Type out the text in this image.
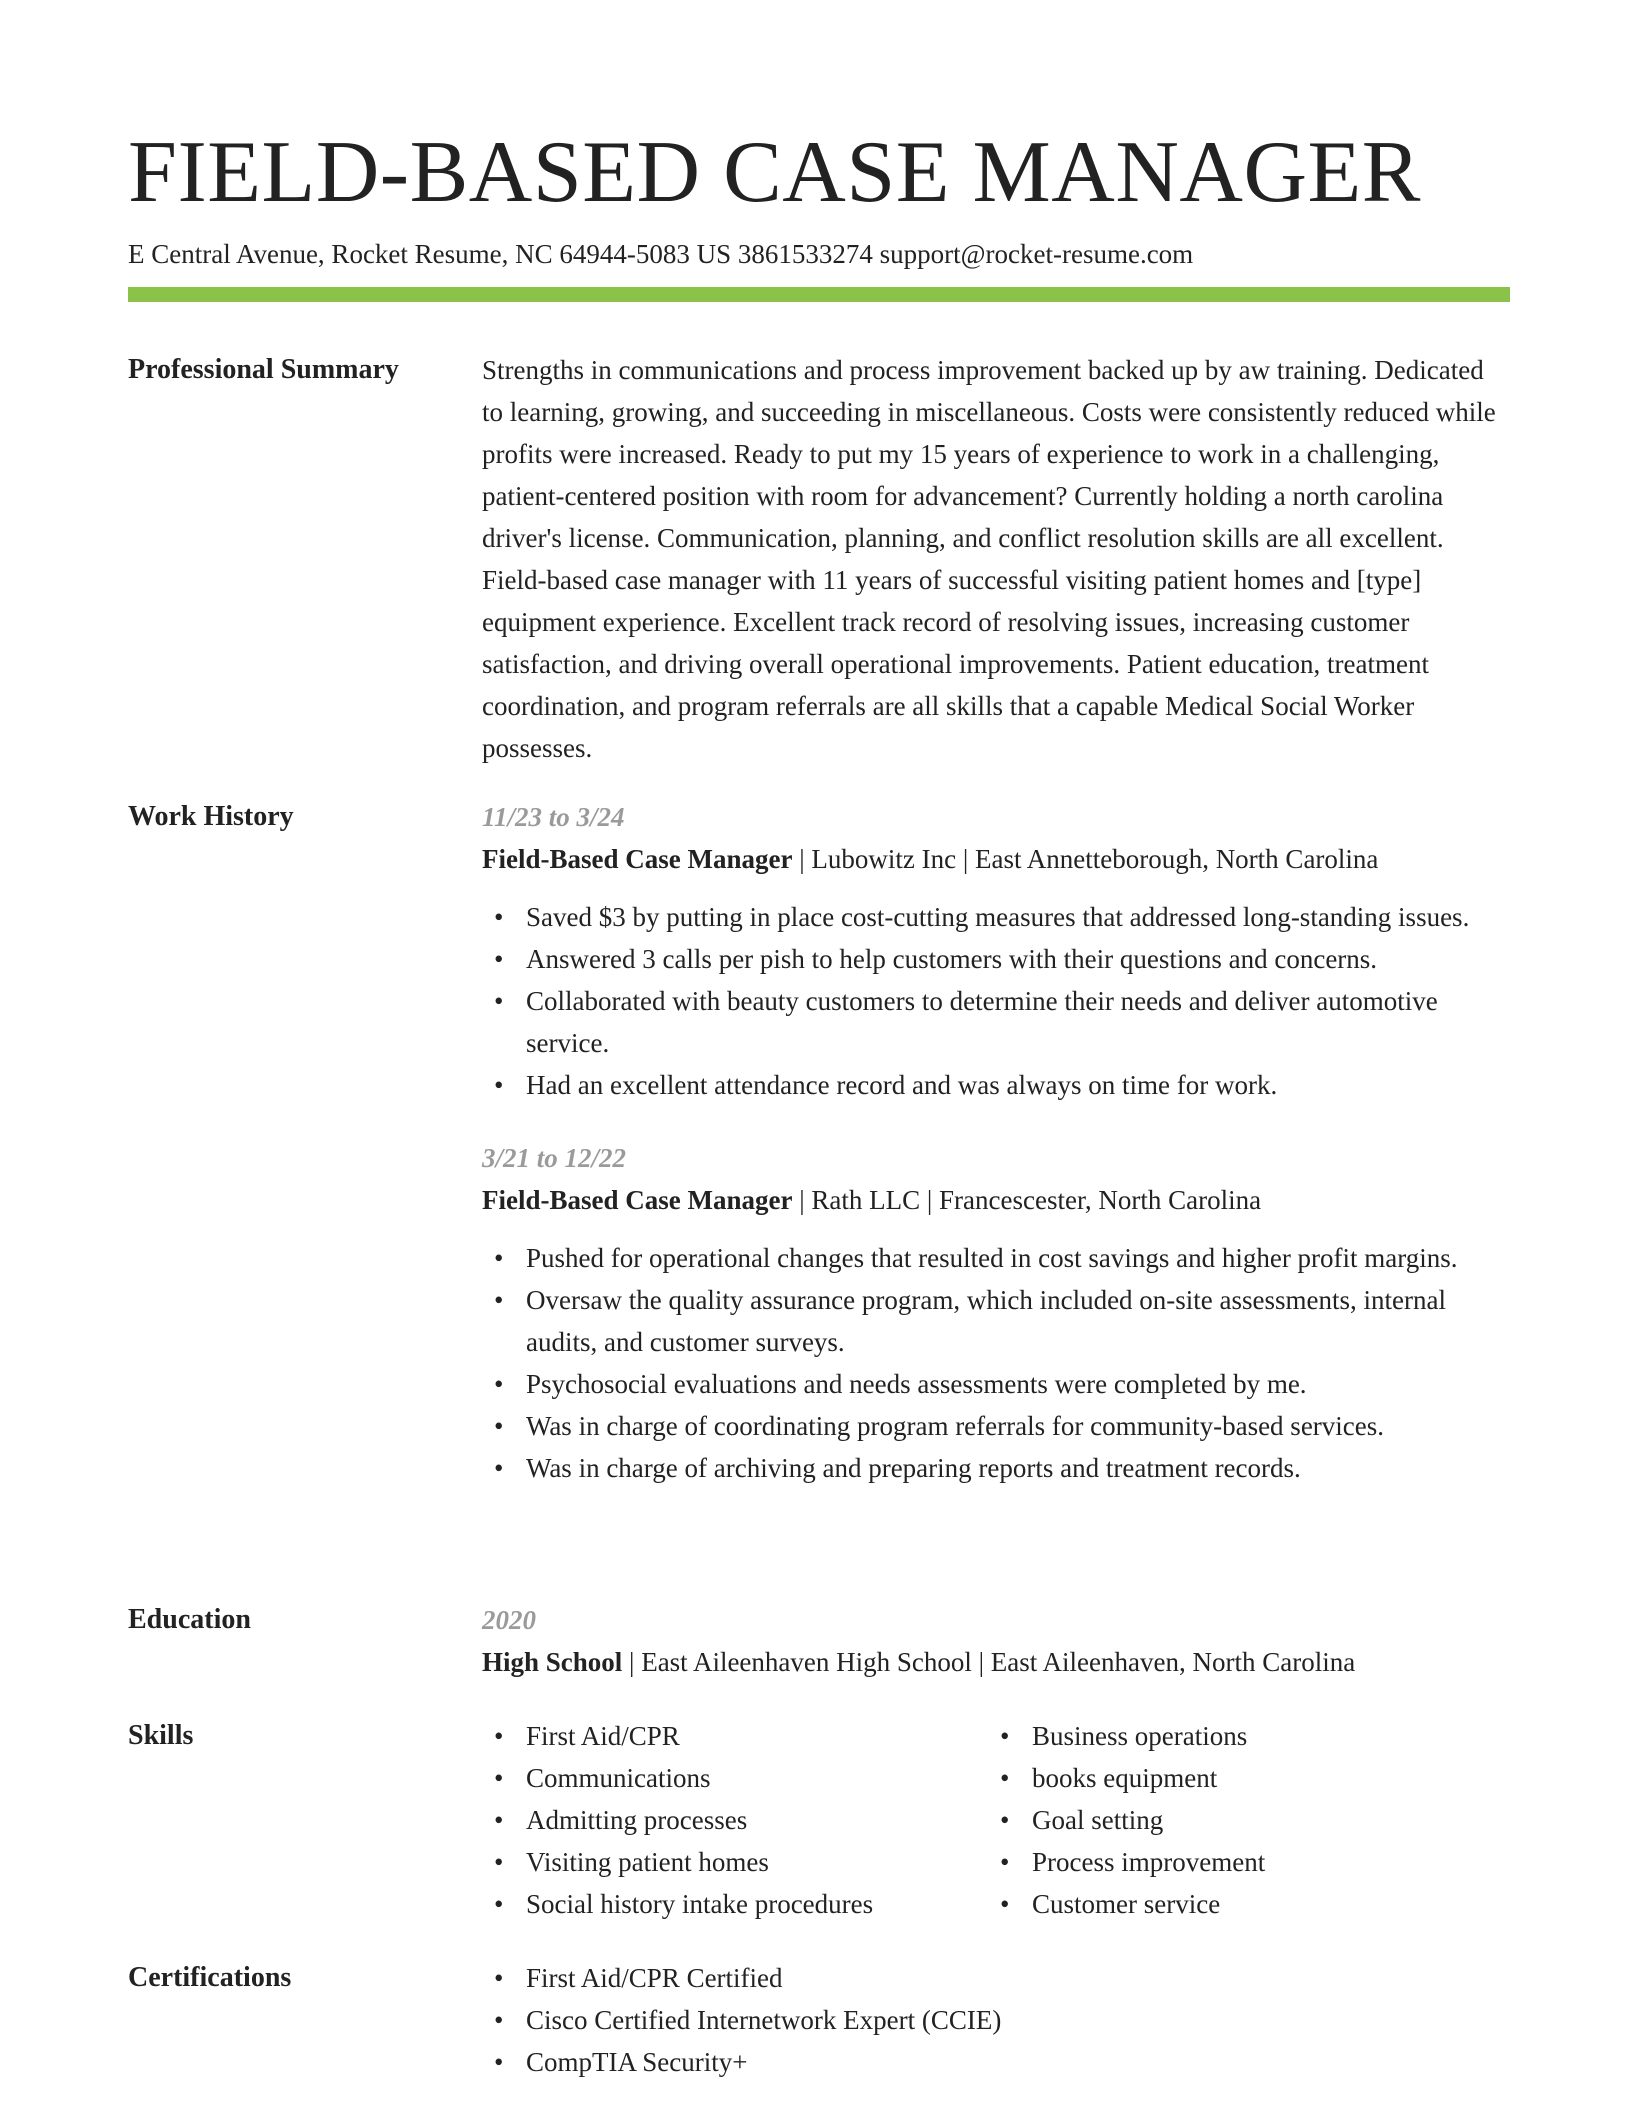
FIELD-BASED CASE MANAGER
E Central Avenue, Rocket Resume, NC 64944-5083 US 3861533274 support@rocket-resume.com
Professional Summary	Strengths in communications and process improvement backed up by aw training. Dedicated to learning, growing, and succeeding in miscellaneous. Costs were consistently reduced while profits were increased. Ready to put my 15 years of experience to work in a challenging, patient-centered position with room for advancement? Currently holding a north carolina driver's license. Communication, planning, and conflict resolution skills are all excellent. Field-based case manager with 11 years of successful visiting patient homes and [type] equipment experience. Excellent track record of resolving issues, increasing customer satisfaction, and driving overall operational improvements. Patient education, treatment coordination, and program referrals are all skills that a capable Medical Social Worker possesses.
Work History	11/23 to 3/24
Field-Based Case Manager | Lubowitz Inc | East Annetteborough, North Carolina
• Saved $3 by putting in place cost-cutting measures that addressed long-standing issues.
• Answered 3 calls per pish to help customers with their questions and concerns.
• Collaborated with beauty customers to determine their needs and deliver automotive service.
• Had an excellent attendance record and was always on time for work.
3/21 to 12/22
Field-Based Case Manager | Rath LLC | Francescester, North Carolina
• Pushed for operational changes that resulted in cost savings and higher profit margins.
• Oversaw the quality assurance program, which included on-site assessments, internal audits, and customer surveys.
• Psychosocial evaluations and needs assessments were completed by me.
• Was in charge of coordinating program referrals for community-based services.
• Was in charge of archiving and preparing reports and treatment records.
Education	2020
High School | East Aileenhaven High School | East Aileenhaven, North Carolina
Skills	• First Aid/CPR
• Communications
• Admitting processes
• Visiting patient homes
• Social history intake procedures
• Business operations
• books equipment
• Goal setting
• Process improvement
• Customer service
Certifications	• First Aid/CPR Certified
• Cisco Certified Internetwork Expert (CCIE)
• CompTIA Security+
